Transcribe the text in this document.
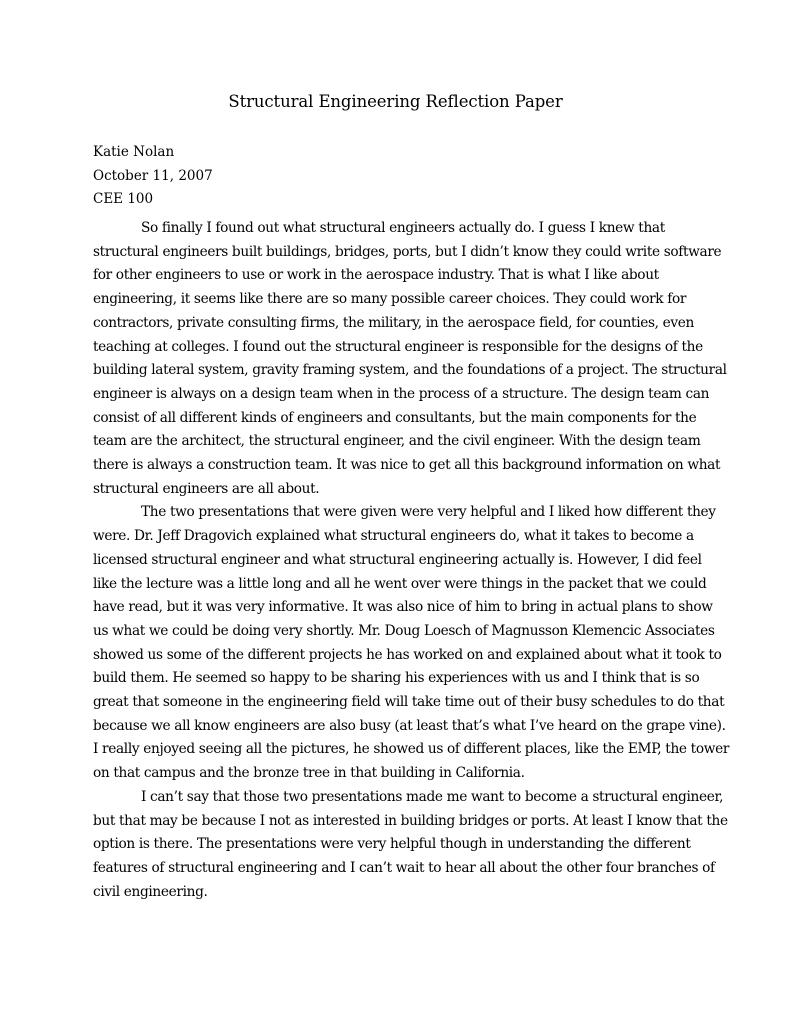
Structural Engineering Reflection Paper
Katie Nolan
October 11, 2007
CEE 100
So finally I found out what structural engineers actually do. I guess I knew that
structural engineers built buildings, bridges, ports, but I didn’t know they could write software
for other engineers to use or work in the aerospace industry. That is what I like about
engineering, it seems like there are so many possible career choices. They could work for
contractors, private consulting firms, the military, in the aerospace field, for counties, even
teaching at colleges. I found out the structural engineer is responsible for the designs of the
building lateral system, gravity framing system, and the foundations of a project. The structural
engineer is always on a design team when in the process of a structure. The design team can
consist of all different kinds of engineers and consultants, but the main components for the
team are the architect, the structural engineer, and the civil engineer. With the design team
there is always a construction team. It was nice to get all this background information on what
structural engineers are all about.
The two presentations that were given were very helpful and I liked how different they
were. Dr. Jeff Dragovich explained what structural engineers do, what it takes to become a
licensed structural engineer and what structural engineering actually is. However, I did feel
like the lecture was a little long and all he went over were things in the packet that we could
have read, but it was very informative. It was also nice of him to bring in actual plans to show
us what we could be doing very shortly. Mr. Doug Loesch of Magnusson Klemencic Associates
showed us some of the different projects he has worked on and explained about what it took to
build them. He seemed so happy to be sharing his experiences with us and I think that is so
great that someone in the engineering field will take time out of their busy schedules to do that
because we all know engineers are also busy (at least that’s what I’ve heard on the grape vine).
I really enjoyed seeing all the pictures, he showed us of different places, like the EMP, the tower
on that campus and the bronze tree in that building in California.
I can’t say that those two presentations made me want to become a structural engineer,
but that may be because I not as interested in building bridges or ports. At least I know that the
option is there. The presentations were very helpful though in understanding the different
features of structural engineering and I can’t wait to hear all about the other four branches of
civil engineering.
